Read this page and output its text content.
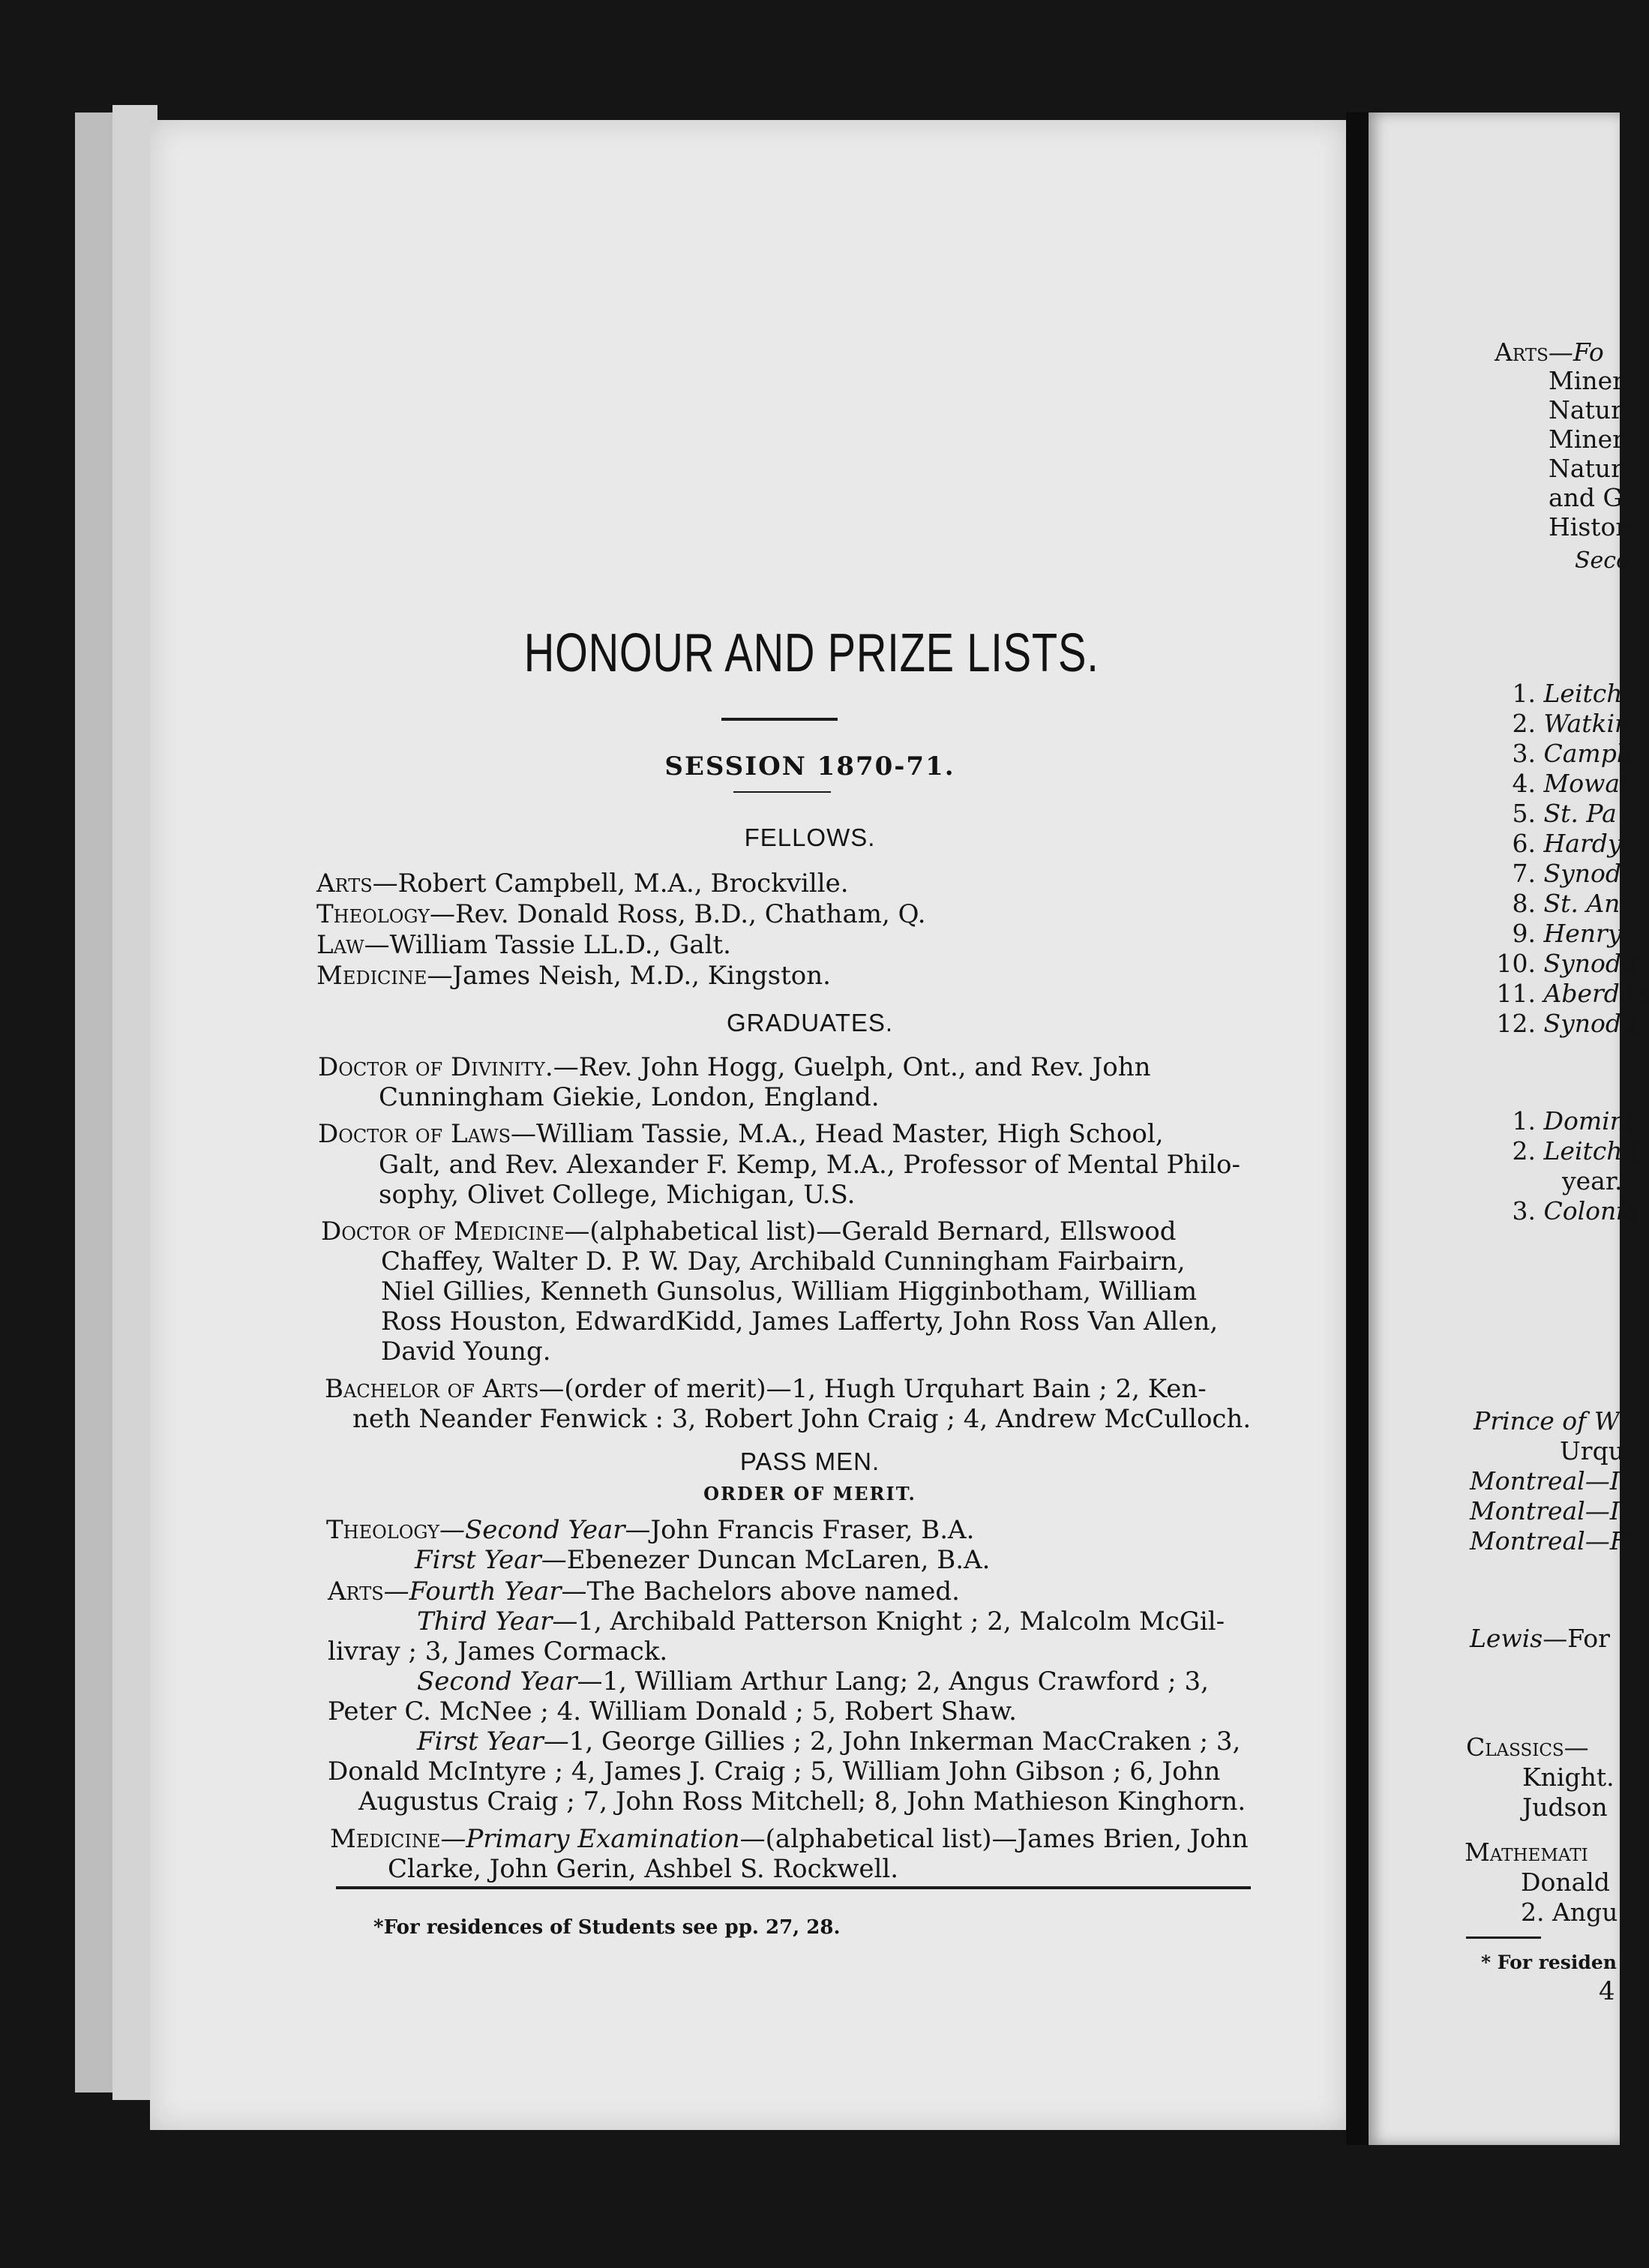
HONOUR AND PRIZE LISTS.
SESSION 1870-71.
FELLOWS.
Arts—Robert Campbell, M.A., Brockville.
Theology—Rev. Donald Ross, B.D., Chatham, Q.
Law—William Tassie LL.D., Galt.
Medicine—James Neish, M.D., Kingston.
GRADUATES.
Doctor of Divinity.—Rev. John Hogg, Guelph, Ont., and Rev. John
Cunningham Giekie, London, England.
Doctor of Laws—William Tassie, M.A., Head Master, High School,
Galt, and Rev. Alexander F. Kemp, M.A., Professor of Mental Philo-
sophy, Olivet College, Michigan, U.S.
Doctor of Medicine—(alphabetical list)—Gerald Bernard, Ellswood
Chaffey, Walter D. P. W. Day, Archibald Cunningham Fairbairn,
Niel Gillies, Kenneth Gunsolus, William Higginbotham, William
Ross Houston, EdwardKidd, James Lafferty, John Ross Van Allen,
David Young.
Bachelor of Arts—(order of merit)—1, Hugh Urquhart Bain ; 2, Ken-
neth Neander Fenwick : 3, Robert John Craig ; 4, Andrew McCulloch.
PASS MEN.
ORDER OF MERIT.
Theology—Second Year—John Francis Fraser, B.A.
First Year—Ebenezer Duncan McLaren, B.A.
Arts—Fourth Year—The Bachelors above named.
Third Year—1, Archibald Patterson Knight ; 2, Malcolm McGil-
livray ; 3, James Cormack.
Second Year—1, William Arthur Lang; 2, Angus Crawford ; 3,
Peter C. McNee ; 4. William Donald ; 5, Robert Shaw.
First Year—1, George Gillies ; 2, John Inkerman MacCraken ; 3,
Donald McIntyre ; 4, James J. Craig ; 5, William John Gibson ; 6, John
Augustus Craig ; 7, John Ross Mitchell; 8, John Mathieson Kinghorn.
Medicine—Primary Examination—(alphabetical list)—James Brien, John
Clarke, John Gerin, Ashbel S. Rockwell.
*For residences of Students see pp. 27, 28.
Arts—Fo
Miner
Natur
Miner
Natur
and G
Histor
Seco
1. Leitch
2. Watkin
3. Campb
4. Mowat-
5. St. Pa
6. Hardy-
7. Synod
8. St. An
9. Henry
10. Synod (
11. Aberdee
12. Synod (
1. Domini
2. Leitch I
year.
3. Colonia
Prince of W
Urqu
Montreal—I
Montreal—I
Montreal—F
Lewis—For
Classics—
Knight.
Judson
Mathemati
Donald
2. Angu
* For residen
4
